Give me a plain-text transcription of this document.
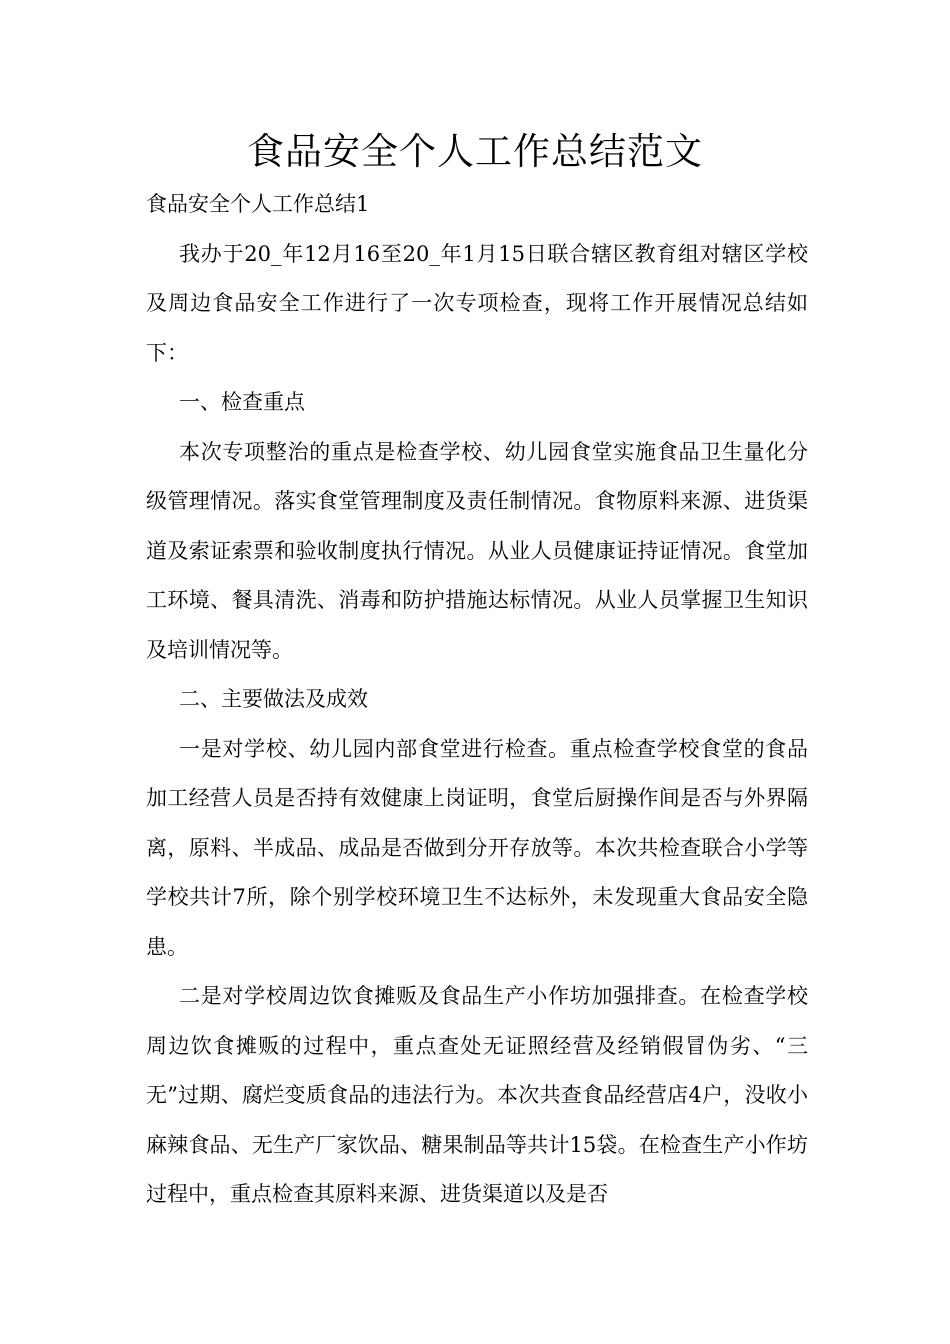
食品安全个人工作总结范文

食品安全个人工作总结1

我办于20_年12月16至20_年1月15日联合辖区教育组对辖区学校及周边食品安全工作进行了一次专项检查，现将工作开展情况总结如下：

一、检查重点

本次专项整治的重点是检查学校、幼儿园食堂实施食品卫生量化分级管理情况。落实食堂管理制度及责任制情况。食物原料来源、进货渠道及索证索票和验收制度执行情况。从业人员健康证持证情况。食堂加工环境、餐具清洗、消毒和防护措施达标情况。从业人员掌握卫生知识及培训情况等。

二、主要做法及成效

一是对学校、幼儿园内部食堂进行检查。重点检查学校食堂的食品加工经营人员是否持有效健康上岗证明，食堂后厨操作间是否与外界隔离，原料、半成品、成品是否做到分开存放等。本次共检查联合小学等学校共计7所，除个别学校环境卫生不达标外，未发现重大食品安全隐患。

二是对学校周边饮食摊贩及食品生产小作坊加强排查。在检查学校周边饮食摊贩的过程中，重点查处无证照经营及经销假冒伪劣、“三无”过期、腐烂变质食品的违法行为。本次共查食品经营店4户，没收小麻辣食品、无生产厂家饮品、糖果制品等共计15袋。在检查生产小作坊过程中，重点检查其原料来源、进货渠道以及是否
